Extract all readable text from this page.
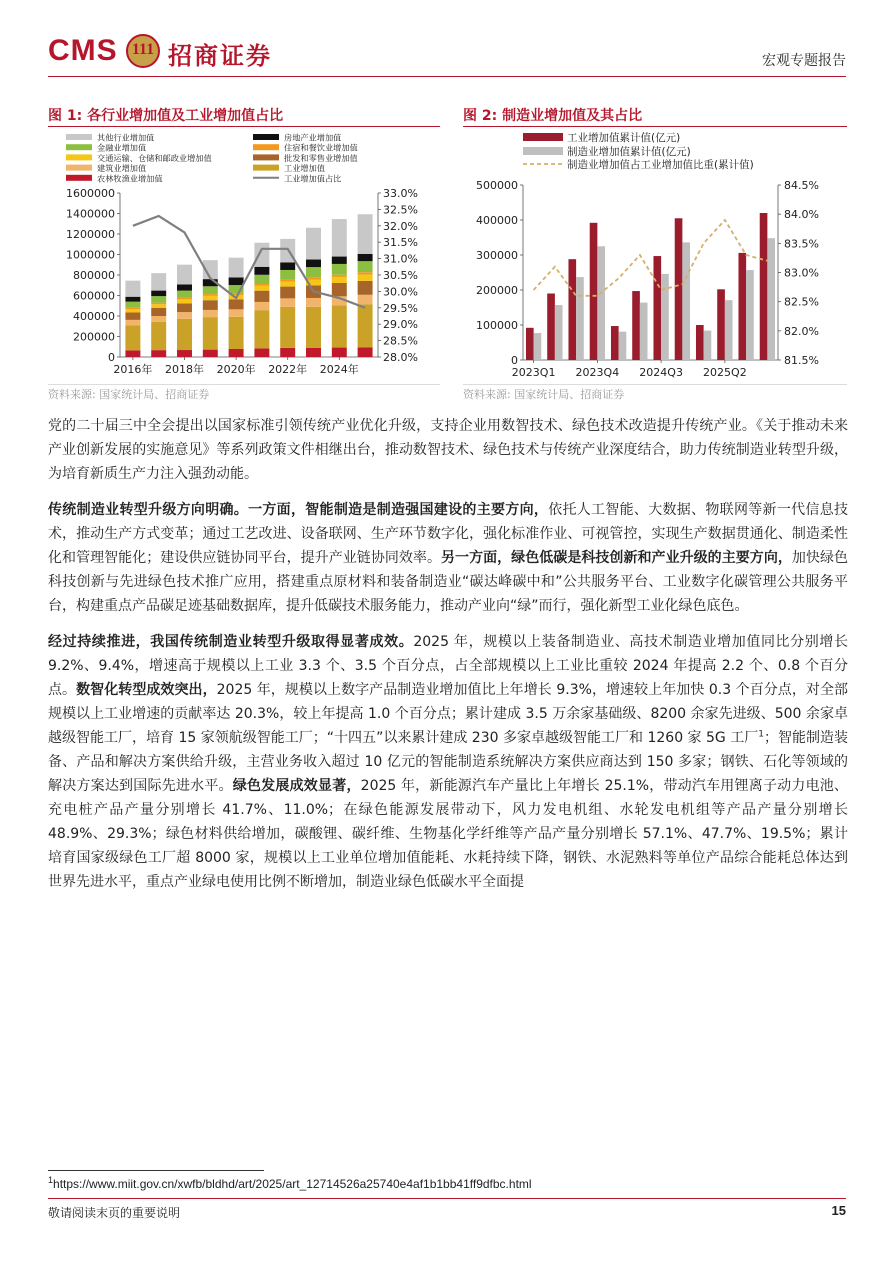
CMS 111 招商证券	宏观专题报告
图 1: 各行业增加值及工业增加值占比	图 2: 制造业增加值及其占比
其他行业增加值	房地产业增加值
金融业增加值	住宿和餐饮业增加值
交通运输、仓储和邮政业增加值	批发和零售业增加值
建筑业增加值	工业增加值
农林牧渔业增加值	工业增加值占比
0
200000
400000
600000
800000
1000000
1200000
1400000
1600000
28.0%
28.5%
29.0%
29.5%
30.0%
30.5%
31.0%
31.5%
32.0%
32.5%
33.0%
2016年 2018年 2020年 2022年 2024年
工业增加值累计值(亿元)
制造业增加值累计值(亿元)
制造业增加值占工业增加值比重(累计值)
0
100000
200000
300000
400000
500000
81.5%
82.0%
82.5%
83.0%
83.5%
84.0%
84.5%
2023Q1 2023Q4 2024Q3 2025Q2
资料来源: 国家统计局、招商证券	资料来源: 国家统计局、招商证券

党的二十届三中全会提出以国家标准引领传统产业优化升级，支持企业用数智技术、绿色技术改造提升传统产业。《关于推动未来产业创新发展的实施意见》等系列政策文件相继出台，推动数智技术、绿色技术与传统产业深度结合，助力传统制造业转型升级，为培育新质生产力注入强劲动能。

传统制造业转型升级方向明确。一方面，智能制造是制造强国建设的主要方向，依托人工智能、大数据、物联网等新一代信息技术，推动生产方式变革；通过工艺改进、设备联网、生产环节数字化，强化标准作业、可视管控，实现生产数据贯通化、制造柔性化和管理智能化；建设供应链协同平台，提升产业链协同效率。另一方面，绿色低碳是科技创新和产业升级的主要方向，加快绿色科技创新与先进绿色技术推广应用，搭建重点原材料和装备制造业“碳达峰碳中和”公共服务平台、工业数字化碳管理公共服务平台，构建重点产品碳足迹基础数据库，提升低碳技术服务能力，推动产业向“绿”而行，强化新型工业化绿色底色。

经过持续推进，我国传统制造业转型升级取得显著成效。2025 年，规模以上装备制造业、高技术制造业增加值同比分别增长 9.2%、9.4%，增速高于规模以上工业 3.3 个、3.5 个百分点，占全部规模以上工业比重较 2024 年提高 2.2 个、0.8 个百分点。数智化转型成效突出，2025 年，规模以上数字产品制造业增加值比上年增长 9.3%，增速较上年加快 0.3 个百分点，对全部规模以上工业增速的贡献率达 20.3%，较上年提高 1.0 个百分点；累计建成 3.5 万余家基础级、8200 余家先进级、500 余家卓越级智能工厂，培育 15 家领航级智能工厂；“十四五”以来累计建成 230 多家卓越级智能工厂和 1260 家 5G 工厂$^1$；智能制造装备、产品和解决方案供给升级，主营业务收入超过 10 亿元的智能制造系统解决方案供应商达到 150 多家；钢铁、石化等领域的解决方案达到国际先进水平。绿色发展成效显著，2025 年，新能源汽车产量比上年增长 25.1%，带动汽车用锂离子动力电池、充电桩产品产量分别增长 41.7%、11.0%；在绿色能源发展带动下，风力发电机组、水轮发电机组等产品产量分别增长 48.9%、29.3%；绿色材料供给增加，碳酸锂、碳纤维、生物基化学纤维等产品产量分别增长 57.1%、47.7%、19.5%；累计培育国家级绿色工厂超 8000 家，规模以上工业单位增加值能耗、水耗持续下降，钢铁、水泥熟料等单位产品综合能耗总体达到世界先进水平，重点产业绿电使用比例不断增加，制造业绿色低碳水平全面提

$^1$https://www.miit.gov.cn/xwfb/bldhd/art/2025/art_12714526a25740e4af1b1bb41ff9dfbc.html
敬请阅读末页的重要说明	15
